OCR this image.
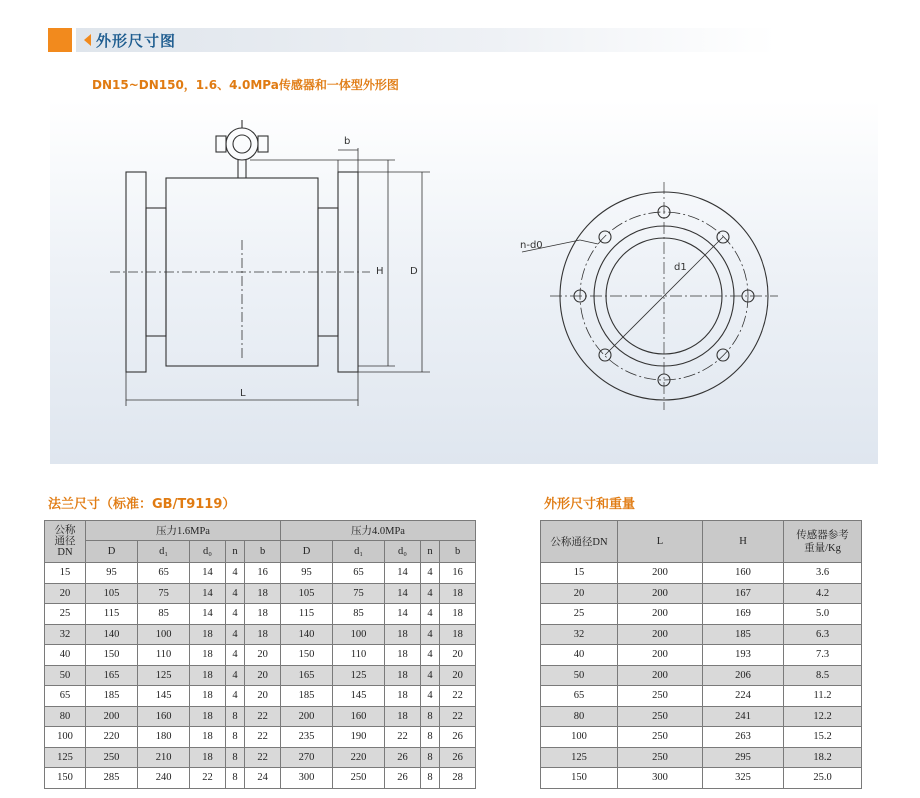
外形尺寸图
DN15~DN150，1.6、4.0MPa传感器和一体型外形图
b
H	D
L
n-d0
d1
法兰尺寸（标准：GB/T9119）	外形尺寸和重量
公称
通径
DN	压力1.6MPa					压力4.0MPa				
	D	d₁	d₀	n	b	D	d₁	d₀	n	b
15	95	65	14	4	16	95	65	14	4	16
20	105	75	14	4	18	105	75	14	4	18
25	115	85	14	4	18	115	85	14	4	18
32	140	100	18	4	18	140	100	18	4	18
40	150	110	18	4	20	150	110	18	4	20
50	165	125	18	4	20	165	125	18	4	20
65	185	145	18	4	20	185	145	18	4	22
80	200	160	18	8	22	200	160	18	8	22
100	220	180	18	8	22	235	190	22	8	26
125	250	210	18	8	22	270	220	26	8	26
150	285	240	22	8	24	300	250	26	8	28
公称通径DN	L	H	传感器参考
重量/Kg
15	200	160	3.6
20	200	167	4.2
25	200	169	5.0
32	200	185	6.3
40	200	193	7.3
50	200	206	8.5
65	250	224	11.2
80	250	241	12.2
100	250	263	15.2
125	250	295	18.2
150	300	325	25.0
